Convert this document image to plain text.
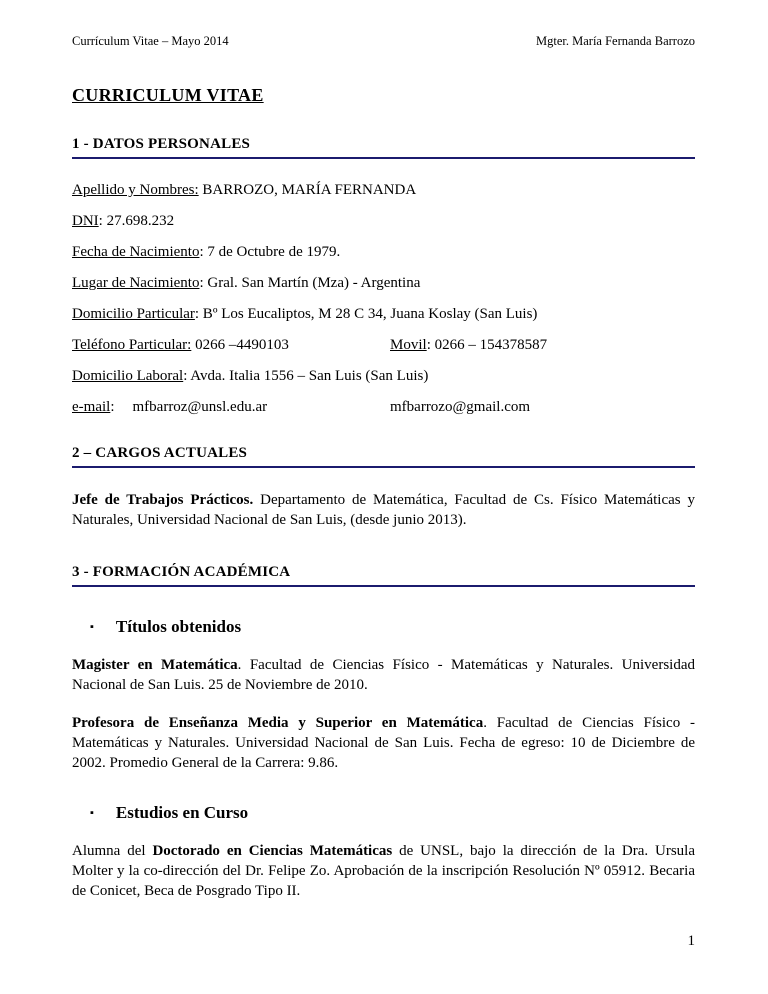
Currículum Vitae – Mayo 2014	Mgter. María Fernanda Barrozo
CURRICULUM VITAE
1 - DATOS PERSONALES
Apellido y Nombres: BARROZO, MARÍA FERNANDA
DNI: 27.698.232
Fecha de Nacimiento: 7 de Octubre de 1979.
Lugar de Nacimiento: Gral. San Martín (Mza) - Argentina
Domicilio Particular: Bº Los Eucaliptos, M 28 C 34, Juana Koslay (San Luis)
Teléfono Particular: 0266 –4490103	Movil: 0266 – 154378587
Domicilio Laboral: Avda. Italia 1556 – San Luis (San Luis)
e-mail: mfbarroz@unsl.edu.ar	mfbarrozo@gmail.com
2 – CARGOS ACTUALES

Jefe de Trabajos Prácticos. Departamento de Matemática, Facultad de Cs. Físico Matemáticas y Naturales, Universidad Nacional de San Luis, (desde junio 2013).

3 - FORMACIÓN ACADÉMICA
▪ Títulos obtenidos

Magister en Matemática. Facultad de Ciencias Físico - Matemáticas y Naturales. Universidad Nacional de San Luis. 25 de Noviembre de 2010.

Profesora de Enseñanza Media y Superior en Matemática. Facultad de Ciencias Físico - Matemáticas y Naturales. Universidad Nacional de San Luis. Fecha de egreso: 10 de Diciembre de 2002. Promedio General de la Carrera: 9.86.

▪ Estudios en Curso

Alumna del Doctorado en Ciencias Matemáticas de UNSL, bajo la dirección de la Dra. Ursula Molter y la co-dirección del Dr. Felipe Zo. Aprobación de la inscripción Resolución Nº 05912. Becaria de Conicet, Beca de Posgrado Tipo II.

1
